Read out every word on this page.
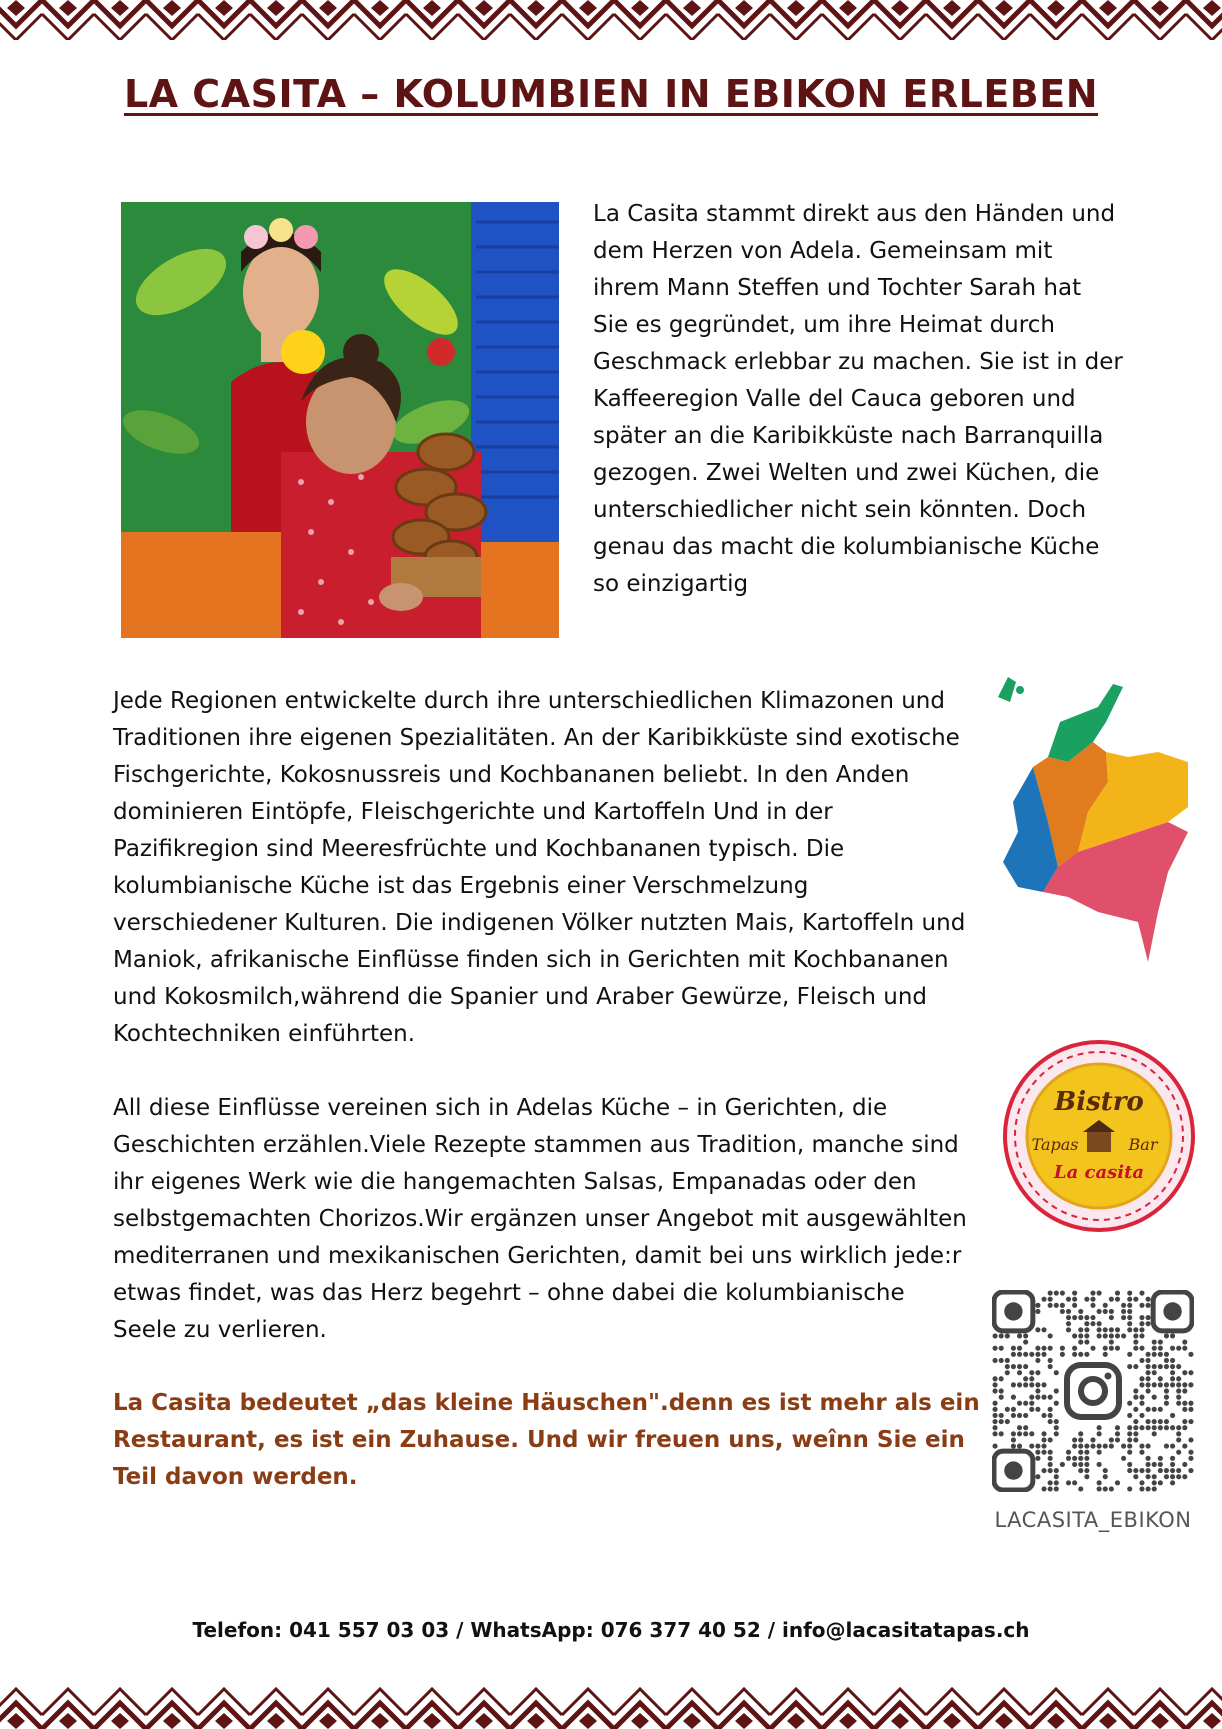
LA CASITA – KOLUMBIEN IN EBIKON ERLEBEN
La Casita stammt direkt aus den Händen und dem Herzen von Adela. Gemeinsam mit ihrem Mann Steffen und Tochter Sarah hat Sie es gegründet, um ihre Heimat durch Geschmack erlebbar zu machen. Sie ist in der Kaffeeregion Valle del Cauca geboren und später an die Karibikküste nach Barranquilla gezogen. Zwei Welten und zwei Küchen, die unterschiedlicher nicht sein könnten. Doch genau das macht die kolumbianische Küche so einzigartig
Jede Regionen entwickelte durch ihre unterschiedlichen Klimazonen und Traditionen ihre eigenen Spezialitäten. An der Karibikküste sind exotische Fischgerichte, Kokosnussreis und Kochbananen beliebt. In den Anden dominieren Eintöpfe, Fleischgerichte und Kartoffeln Und in der Pazifikregion sind Meeresfrüchte und Kochbananen typisch. Die kolumbianische Küche ist das Ergebnis einer Verschmelzung verschiedener Kulturen. Die indigenen Völker nutzten Mais, Kartoffeln und Maniok, afrikanische Einflüsse finden sich in Gerichten mit Kochbananen und Kokosmilch,während die Spanier und Araber Gewürze, Fleisch und Kochtechniken einführten.
All diese Einflüsse vereinen sich in Adelas Küche – in Gerichten, die Geschichten erzählen.Viele Rezepte stammen aus Tradition, manche sind ihr eigenes Werk wie die hangemachten Salsas, Empanadas oder den selbstgemachten Chorizos.Wir ergänzen unser Angebot mit ausgewählten mediterranen und mexikanischen Gerichten, damit bei uns wirklich jede:r etwas findet, was das Herz begehrt – ohne dabei die kolumbianische Seele zu verlieren.
Bistro
Tapas	Bar
La casita
La Casita bedeutet „das kleine Häuschen".denn es ist mehr als ein Restaurant, es ist ein Zuhause. Und wir freuen uns, weînn Sie ein Teil davon werden.
LACASITA_EBIKON
Telefon: 041 557 03 03 / WhatsApp: 076 377 40 52 / info@lacasitatapas.ch
